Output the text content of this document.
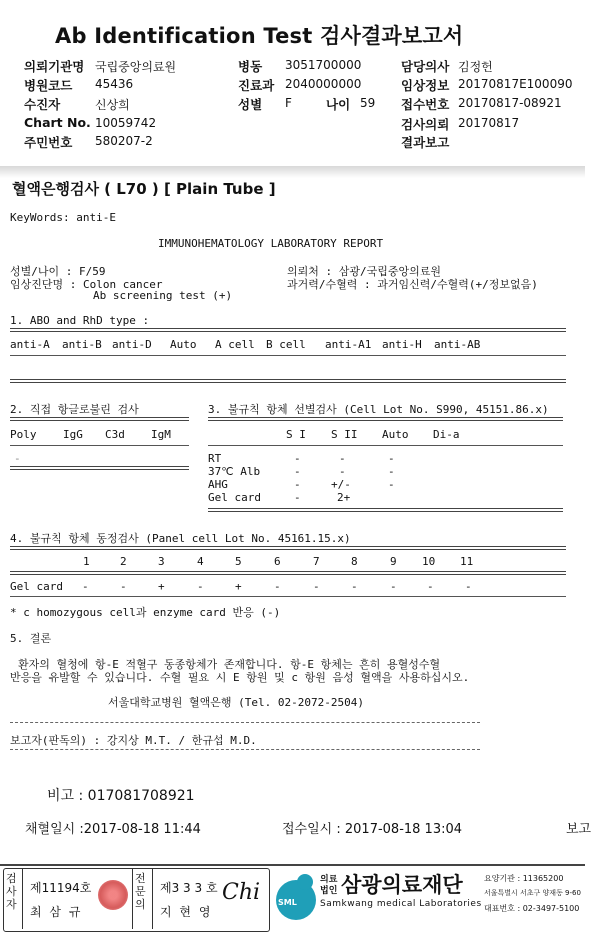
Ab Identification Test 검사결과보고서
의뢰기관명 국립중앙의료원
병원코드 45436
수진자	신상희
Chart No. 10059742
주민번호 580207-2
병동 3051700000
진료과 2040000000
성별 F	나이 59
담당의사 김정헌
임상정보 20170817E100090
접수번호 20170817-08921
검사의뢰 20170817
결과보고
혈액은행검사 ( L70 ) [ Plain Tube ]
KeyWords: anti-E
IMMUNOHEMATOLOGY LABORATORY REPORT
성별/나이 : F/59
임상진단명 : Colon cancer
Ab screening test (+)
의뢰처 : 삼광/국립중앙의료원
과거력/수혈력 : 과거임신력/수혈력(+/정보없음)
1. ABO and RhD type :
anti-A anti-B anti-D Auto A cell B cell anti-A1 anti-H anti-AB
2. 직접 항글로불린 검사
Poly IgG C3d IgM
-
3. 불규칙 항체 선별검사 (Cell Lot No. S990, 45151.86.x)
S I S II Auto Di-a
RT	-	-	-
37℃ Alb	-	-	-
AHG	-	+/-	-
Gel card	-	2+
4. 불규칙 항체 동정검사 (Panel cell Lot No. 45161.15.x)
1	2	3	4	5	6	7	8	9 10 11
Gel card -	-	+	-	+	-	-	-	-	-	-
* c homozygous cell과 enzyme card 반응 (-)
5. 결론
환자의 혈청에 항-E 적혈구 동종항체가 존재합니다. 항-E 항체는 흔히 용혈성수혈
반응을 유발할 수 있습니다. 수혈 필요 시 E 항원 및 c 항원 음성 혈액을 사용하십시오.
서울대학교병원 혈액은행 (Tel. 02-2072-2504)
보고자(판독의) : 강지상 M.T. / 한규섭 M.D.
비고 : 017081708921
채혈일시 :2017-08-18 11:44	접수일시 : 2017-08-18 13:04	보고
검사자
제11194호
최 삼 규
전문의
제3 3 3 호
지 현 영
Chi SML
의료
법인 삼광의료재단
Samkwang medical Laboratories
요양기관 : 11365200
서울특별시 서초구 양재동 9-60
대표번호 : 02-3497-5100
